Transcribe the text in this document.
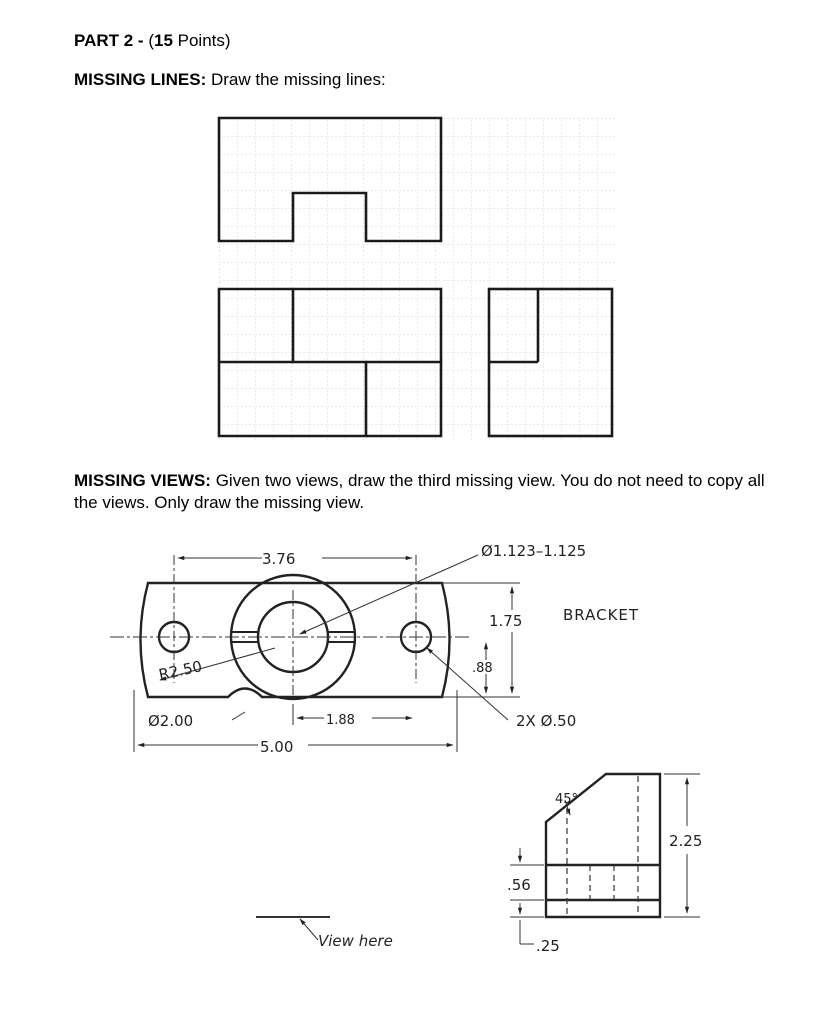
PART 2 - (15 Points)
MISSING LINES: Draw the missing lines:
MISSING VIEWS: Given two views, draw the third missing view. You do not need to copy all the views. Only draw the missing view.
3.76	Ø1.123–1.125
1.75	BRACKET
.88
R2.50
Ø2.00	1.88
5.00
2X Ø.50
45°
2.25
.56
.25
View here
